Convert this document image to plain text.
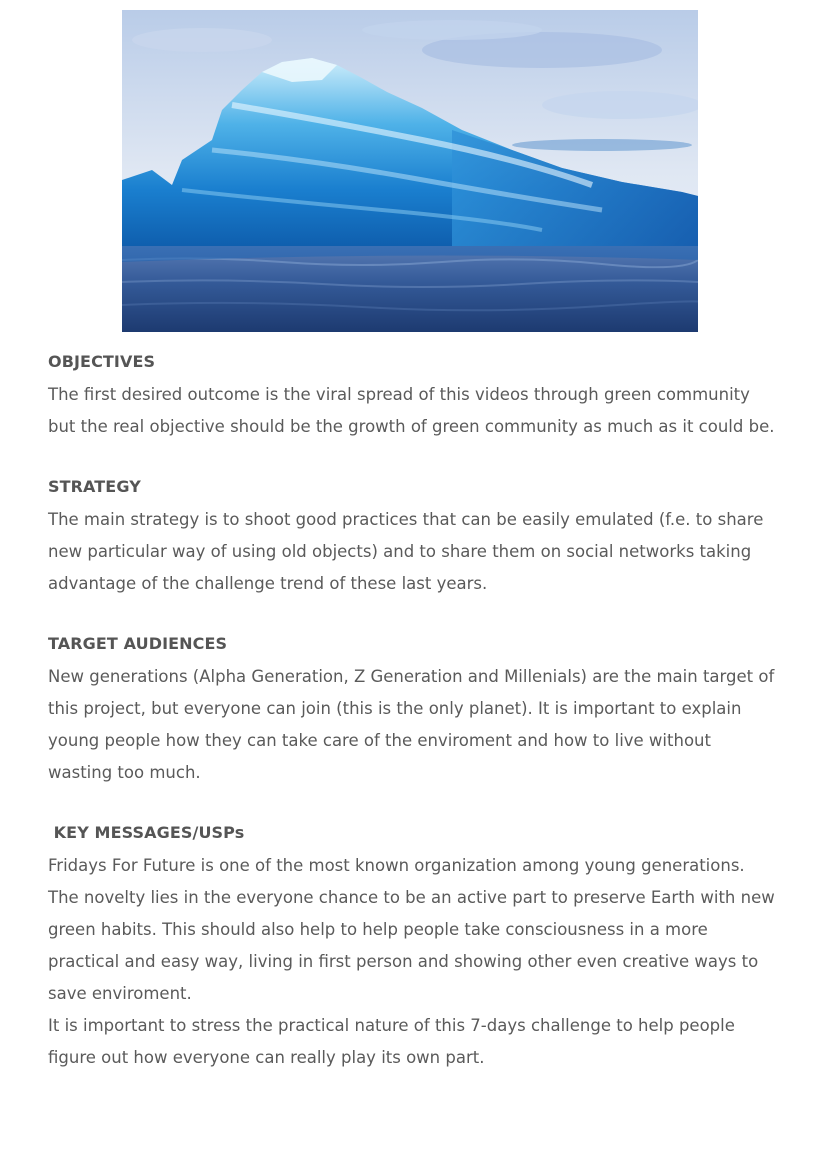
OBJECTIVES

The first desired outcome is the viral spread of this videos through green community but the real objective should be the growth of green community as much as it could be.

STRATEGY

The main strategy is to shoot good practices that can be easily emulated (f.e. to share new particular way of using old objects) and to share them on social networks taking advantage of the challenge trend of these last years.

TARGET AUDIENCES

New generations (Alpha Generation, Z Generation and Millenials) are the main target of this project, but everyone can join (this is the only planet). It is important to explain young people how they can take care of the enviroment and how to live without wasting too much.

KEY MESSAGES/USPs

Fridays For Future is one of the most known organization among young generations. The novelty lies in the everyone chance to be an active part to preserve Earth with new green habits. This should also help to help people take consciousness in a more practical and easy way, living in first person and showing other even creative ways to save enviroment.

It is important to stress the practical nature of this 7-days challenge to help people figure out how everyone can really play its own part.
